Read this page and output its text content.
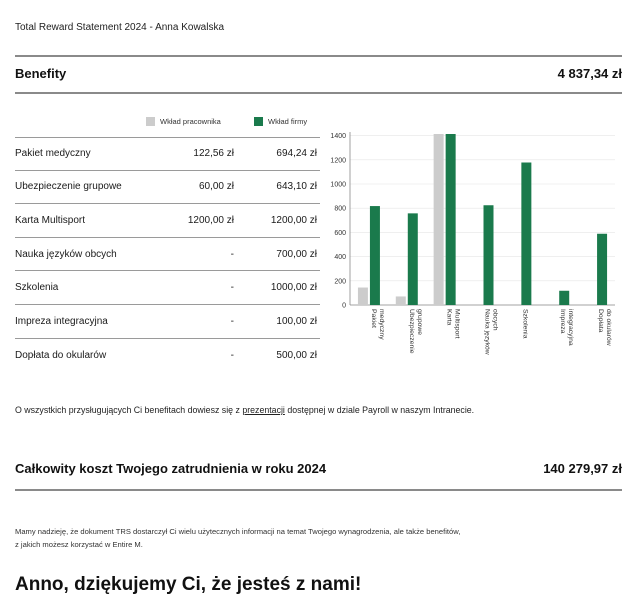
Total Reward Statement 2024 - Anna Kowalska
Benefity	4 837,34 zł
Wkład pracownika	Wkład firmy
Pakiet medyczny	122,56 zł	694,24 zł
Ubezpieczenie grupowe	60,00 zł	643,10 zł
Karta Multisport	1200,00 zł	1200,00 zł
Nauka języków obcych	-	700,00 zł
Szkolenia	-	1000,00 zł
Impreza integracyjna	-	100,00 zł
Dopłata do okularów	-	500,00 zł
0
200
400
600
800
1000
1200
1400
Pakietmedyczny	Ubezpieczeniegrupowe	KartaMultisport	Nauka językówobcych	Szkolenia	Imprezaintegracyjna	Dopłatado okularów
O wszystkich przysługujących Ci benefitach dowiesz się z prezentacji dostępnej w dziale Payroll w naszym Intranecie.
Całkowity koszt Twojego zatrudnienia w roku 2024	140 279,97 zł
Mamy nadzieję, że dokument TRS dostarczył Ci wielu użytecznych informacji na temat Twojego wynagrodzenia, ale także benefitów,
z jakich możesz korzystać w Entire M.
Anno, dziękujemy Ci, że jesteś z nami!
